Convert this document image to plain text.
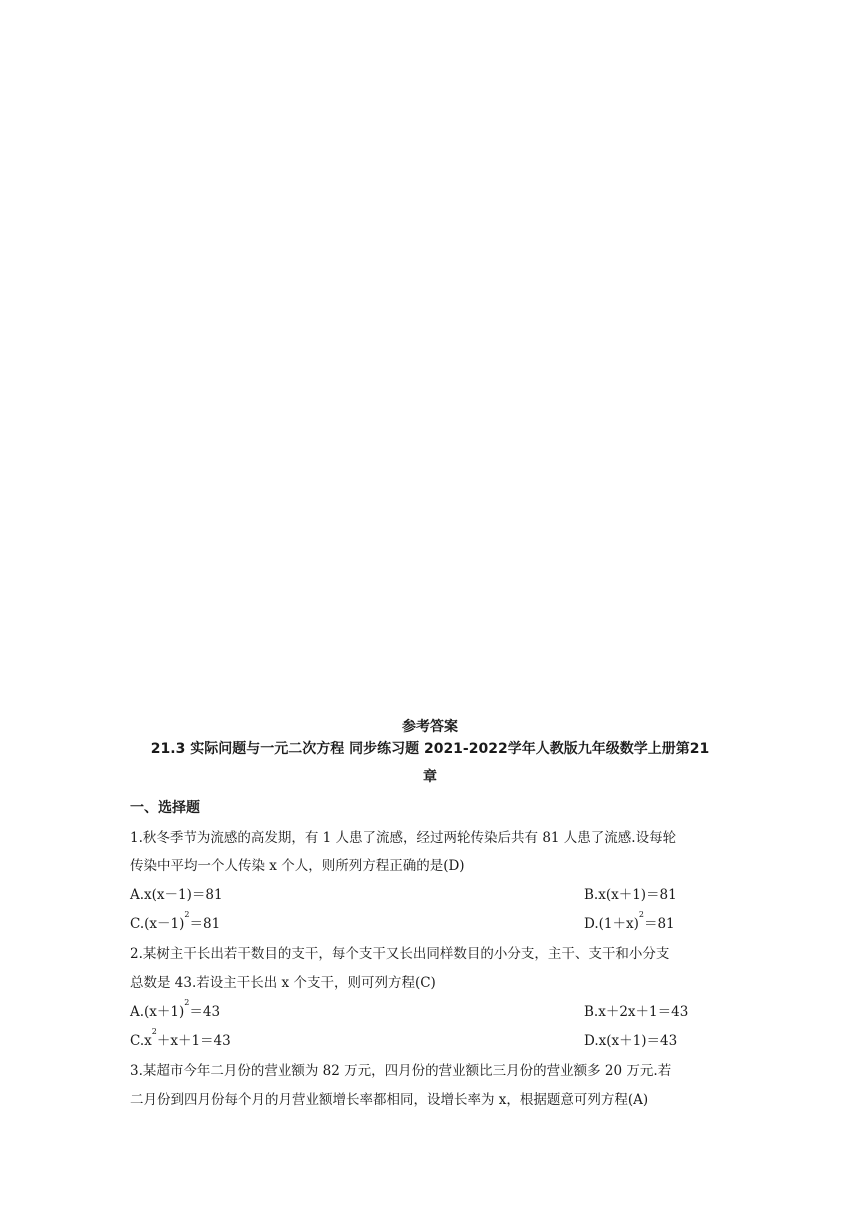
参考答案
21.3 实际问题与一元二次方程 同步练习题 2021-2022学年人教版九年级数学上册第21
章
一、选择题
1.秋冬季节为流感的高发期，有 1 人患了流感，经过两轮传染后共有 81 人患了流感.设每轮
传染中平均一个人传染 x 个人，则所列方程正确的是(D)
A.x(x－1)＝81	B.x(x＋1)＝81
$C.(x-1)^2=81$	$D.(1+x)^2=81$
2.某树主干长出若干数目的支干，每个支干又长出同样数目的小分支，主干、支干和小分支
总数是 43.若设主干长出 x 个支干，则可列方程(C)
$A.(x+1)^2=43$	B.x＋2x＋1＝43
$C.x^2+x+1=43$	D.x(x＋1)＝43
3.某超市今年二月份的营业额为 82 万元，四月份的营业额比三月份的营业额多 20 万元.若
二月份到四月份每个月的月营业额增长率都相同，设增长率为 x，根据题意可列方程(A)
